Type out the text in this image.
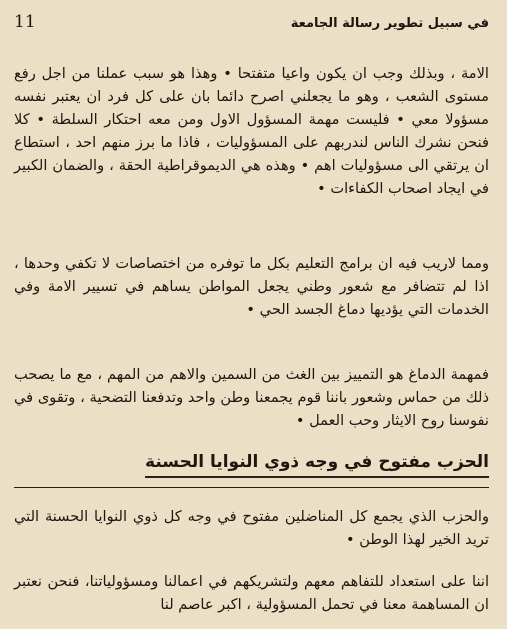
11	في سبيل تطوير رسالة الجامعة

الامة ، وبذلك وجب ان يكون واعيا متفتحا • وهذا هو سبب عملنا من اجل رفع مستوى الشعب ، وهو ما يجعلني اصرح دائما بان على كل فرد ان يعتبر نفسه مسؤولا معي • فليست مهمة المسؤول الاول ومن معه احتكار السلطة • كلا فنحن نشرك الناس لندربهم على المسؤوليات ، فاذا ما برز منهم احد ، استطاع ان يرتقي الى مسؤوليات اهم • وهذه هي الديموقراطية الحقة ، والضمان الكبير في ايجاد اصحاب الكفاءات •

ومما لاريب فيه ان برامج التعليم بكل ما توفره من اختصاصات لا تكفي وحدها ، اذا لم تتضافر مع شعور وطني يجعل المواطن يساهم في تسيير الامة وفي الخدمات التي يؤديها دماغ الجسد الحي •

فمهمة الدماغ هو التمييز بين الغث من السمين والاهم من المهم ، مع ما يصحب ذلك من حماس وشعور باننا قوم يجمعنا وطن واحد وتدفعنا التضحية ، وتقوى في نفوسنا روح الايثار وحب العمل •

الحزب مفتوح في وجه ذوي النوايا الحسنة

والحزب الذي يجمع كل المناضلين مفتوح في وجه كل ذوي النوايا الحسنة التي تريد الخير لهذا الوطن •

اننا على استعداد للتفاهم معهم ولتشريكهم في اعمالنا ومسؤولياتنا، فنحن نعتبر ان المساهمة معنا في تحمل المسؤولية ، اكبر عاصم لنا
